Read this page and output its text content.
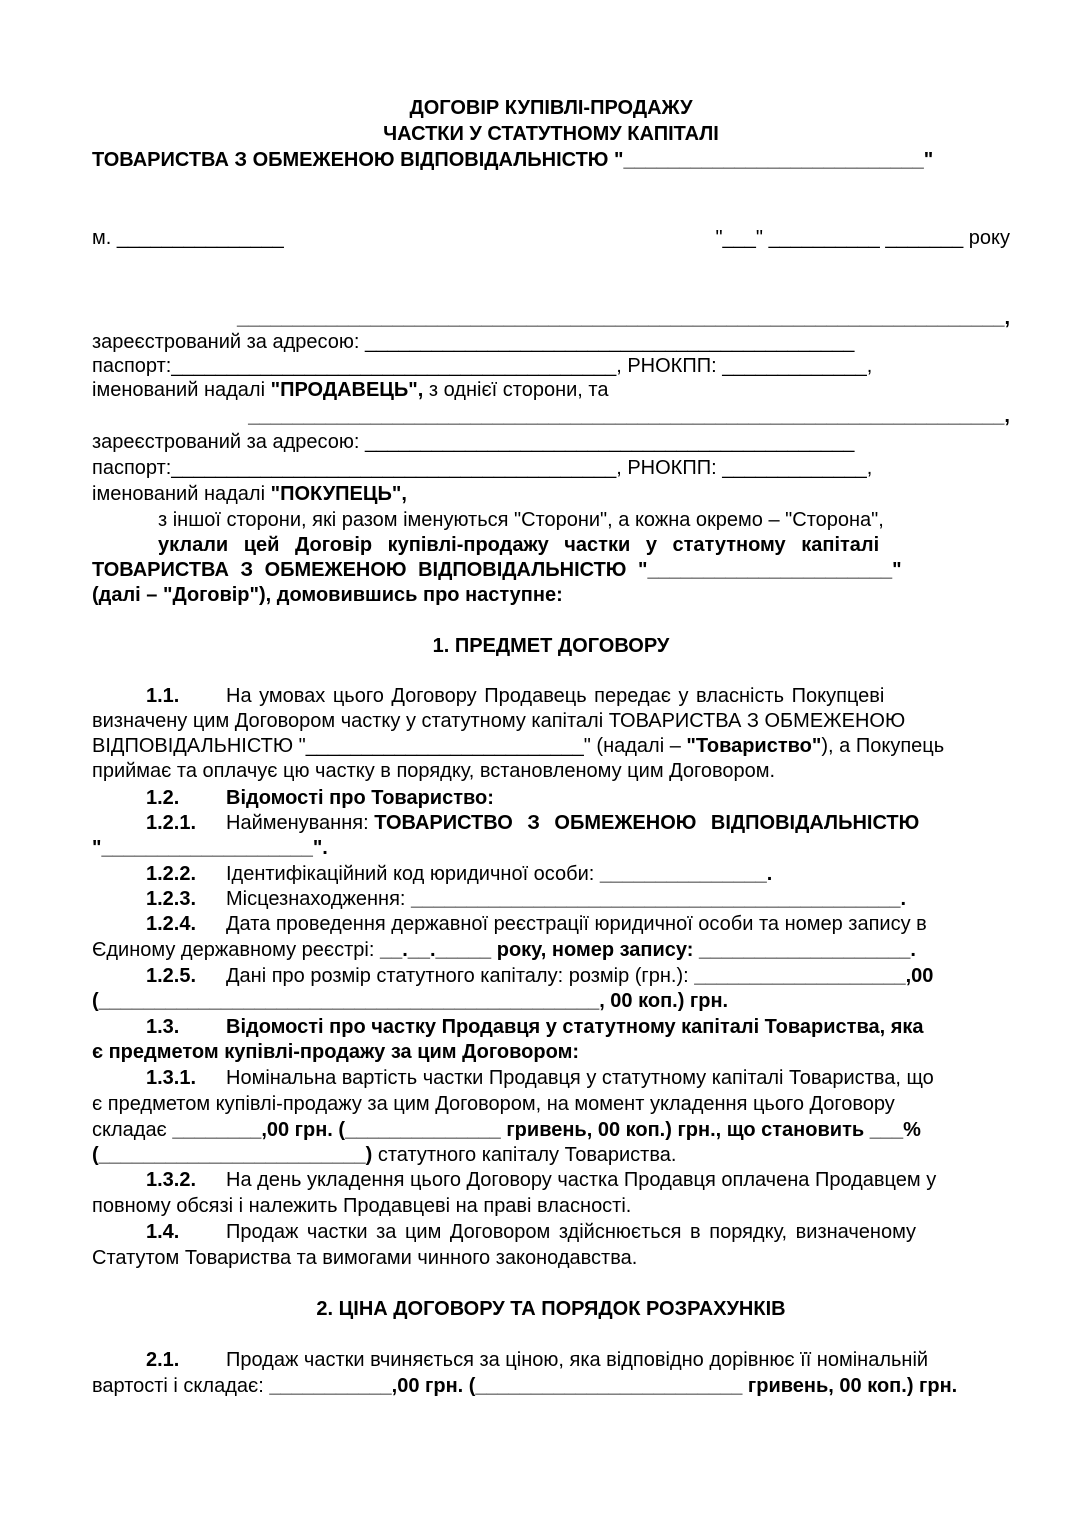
ДОГОВІР КУПІВЛІ-ПРОДАЖУ
ЧАСТКИ У СТАТУТНОМУ КАПІТАЛІ
ТОВАРИСТВА З ОБМЕЖЕНОЮ ВІДПОВІДАЛЬНІСТЮ "___________________________"
м. _______________	"___" __________ _______ року
_____________________________________________________________________,
зареєстрований за адресою: ____________________________________________
паспорт:________________________________________, РНОКПП: _____________,
іменований надалі "ПРОДАВЕЦЬ", з однієї сторони, та
____________________________________________________________________,
зареєстрований за адресою: ____________________________________________
паспорт:________________________________________, РНОКПП: _____________,
іменований надалі "ПОКУПЕЦЬ",
з іншої сторони, які разом іменуються "Сторони", а кожна окремо – "Сторона",
уклали цей Договір купівлі-продажу частки у статутному капіталі
ТОВАРИСТВА З ОБМЕЖЕНОЮ ВІДПОВІДАЛЬНІСТЮ "______________________"
(далі – "Договір"), домовившись про наступне:
1. ПРЕДМЕТ ДОГОВОРУ
1.1. На умовах цього Договору Продавець передає у власність Покупцеві
визначену цим Договором частку у статутному капіталі ТОВАРИСТВА З ОБМЕЖЕНОЮ
ВІДПОВІДАЛЬНІСТЮ "_________________________" (надалі – "Товариство"), а Покупець
приймає та оплачує цю частку в порядку, встановленому цим Договором.
1.2. Відомості про Товариство:
1.2.1. Найменування: ТОВАРИСТВО З ОБМЕЖЕНОЮ ВІДПОВІДАЛЬНІСТЮ
"___________________".
1.2.2. Ідентифікаційний код юридичної особи: _______________.
1.2.3. Місцезнаходження: ____________________________________________.
1.2.4. Дата проведення державної реєстрації юридичної особи та номер запису в
Єдиному державному реєстрі: __.__._____ року, номер запису: ___________________.
1.2.5. Дані про розмір статутного капіталу: розмір (грн.): ___________________,00
(_____________________________________________, 00 коп.) грн.
1.3. Відомості про частку Продавця у статутному капіталі Товариства, яка
є предметом купівлі-продажу за цим Договором:
1.3.1. Номінальна вартість частки Продавця у статутному капіталі Товариства, що
є предметом купівлі-продажу за цим Договором, на момент укладення цього Договору
складає ________,00 грн. (______________ гривень, 00 коп.) грн., що становить ___%
(________________________) статутного капіталу Товариства.
1.3.2. На день укладення цього Договору частка Продавця оплачена Продавцем у
повному обсязі і належить Продавцеві на праві власності.
1.4. Продаж частки за цим Договором здійснюється в порядку, визначеному
Статутом Товариства та вимогами чинного законодавства.
2. ЦІНА ДОГОВОРУ ТА ПОРЯДОК РОЗРАХУНКІВ
2.1. Продаж частки вчиняється за ціною, яка відповідно дорівнює її номінальній
вартості і складає: ___________,00 грн. (________________________ гривень, 00 коп.) грн.
